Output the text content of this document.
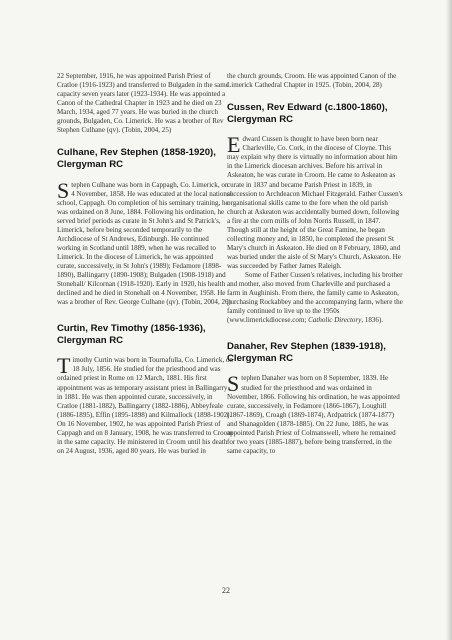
22 September, 1916, he was appointed Parish Priest of Cratloe (1916-1923) and transferred to Bulgaden in the same capacity seven years later (1923-1934). He was appointed a Canon of the Cathedral Chapter in 1923 and he died on 23 March, 1934, aged 77 years. He was buried in the church grounds, Bulgaden, Co. Limerick. He was a brother of Rev Stephen Culhane (qv). (Tobin, 2004, 25)

Culhane, Rev Stephen (1858-1920), Clergyman RC

Stephen Culhane was born in Cappagh, Co. Limerick, on 4 November, 1858. He was educated at the local national school, Cappagh. On completion of his seminary training, he was ordained on 8 June, 1884. Following his ordination, he served brief periods as curate in St John's and St Patrick's, Limerick, before being seconded temporarily to the Archdiocese of St Andrews, Edinburgh. He continued working in Scotland until 1889, when he was recalled to Limerick. In the diocese of Limerick, he was appointed curate, successively, in St John's (1989); Fedamore (1898-1890), Ballingarry (1890-1908); Bulgaden (1908-1918) and Stonehall/ Kilcornan (1918-1920). Early in 1920, his health declined and he died in Stonehall on 4 November, 1958. He was a brother of Rev. George Culhane (qv). (Tobin, 2004, 26)

Curtin, Rev Timothy (1856-1936), Clergyman RC

Timothy Curtin was born in Tournafulla, Co. Limerick, on 18 July, 1856. He studied for the priesthood and was ordained priest in Rome on 12 March, 1881. His first appointment was as temporary assistant priest in Ballingarry in 1881. He was then appointed curate, successively, in Cratloe (1881-1882), Ballingarry (1882-1886), Abbeyfeale (1886-1895), Effin (1895-1898) and Kilmallock (1898-1902). On 16 November, 1902, he was appointed Parish Priest of Cappagh and on 8 January, 1908, he was transferred to Croom in the same capacity. He ministered in Croom until his death on 24 August, 1936, aged 80 years. He was buried in

the church grounds, Croom. He was appointed Canon of the Limerick Cathedral Chapter in 1925. (Tobin, 2004, 28)

Cussen, Rev Edward (c.1800-1860), Clergyman RC

Edward Cussen is thought to have been born near Charleville, Co. Cork, in the diocese of Cloyne. This may explain why there is virtually no information about him in the Limerick diocesan archives. Before his arrival in Askeaton, he was curate in Croom. He came to Askeaton as curate in 1837 and became Parish Priest in 1839, in succession to Archdeacon Michael Fitzgerald. Father Cussen's organisational skills came to the fore when the old parish church at Askeaton was accidentally burned down, following a fire at the corn mills of John Norris Russell, in 1847. Though still at the height of the Great Famine, he began collecting money and, in 1850, he completed the present St Mary's church in Askeaton. He died on 8 February, 1860, and was buried under the aisle of St Mary's Church, Askeaton. He was succeeded by Father James Raleigh.

Some of Father Cussen's relatives, including his brother and mother, also moved from Charleville and purchased a farm in Aughinish. From there, the family came to Askeaton, purchasing Rockabbey and the accompanying farm, where the family continued to live up to the 1950s (www.limerickdiocese.com; Catholic Directory, 1836).

Danaher, Rev Stephen (1839-1918), Clergyman RC

Stephen Danaher was born on 8 September, 1839. He studied for the priesthood and was ordained in November, 1866. Following his ordination, he was appointed curate, successively, in Fedamore (1866-1867), Loughill (1867-1869), Croagh (1869-1874), Ardpatrick (1874-1877) and Shanagolden (1878-1885). On 22 June, 1885, he was appointed Parish Priest of Colmanswell, where he remained for two years (1885-1887), before being transferred, in the same capacity, to

22
